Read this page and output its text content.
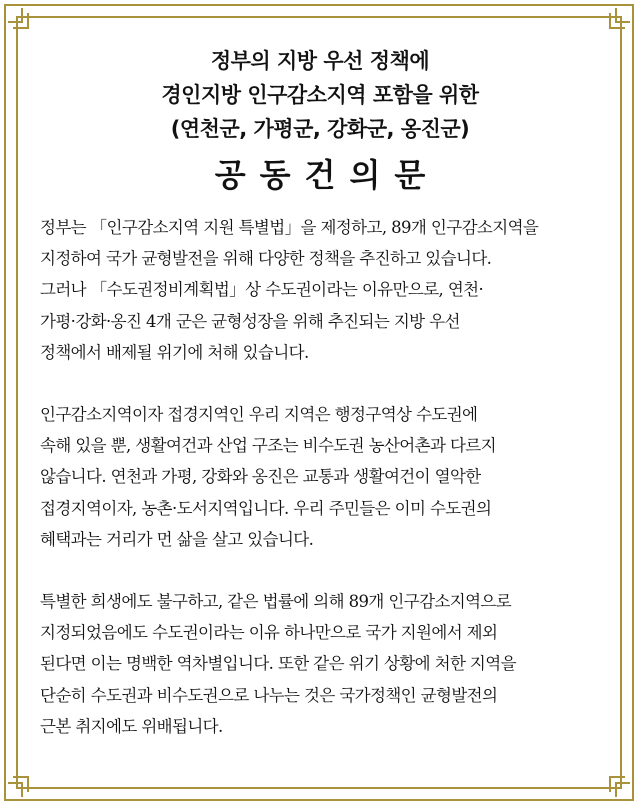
정부의 지방 우선 정책에
경인지방 인구감소지역 포함을 위한
(연천군, 가평군, 강화군, 옹진군)
공동건의문
정부는 「인구감소지역 지원 특별법」을 제정하고, 89개 인구감소지역을
지정하여 국가 균형발전을 위해 다양한 정책을 추진하고 있습니다.
그러나 「수도권정비계획법」상 수도권이라는 이유만으로, 연천·
가평·강화·옹진 4개 군은 균형성장을 위해 추진되는 지방 우선
정책에서 배제될 위기에 처해 있습니다.
인구감소지역이자 접경지역인 우리 지역은 행정구역상 수도권에
속해 있을 뿐, 생활여건과 산업 구조는 비수도권 농산어촌과 다르지
않습니다. 연천과 가평, 강화와 옹진은 교통과 생활여건이 열악한
접경지역이자, 농촌·도서지역입니다. 우리 주민들은 이미 수도권의
혜택과는 거리가 먼 삶을 살고 있습니다.
특별한 희생에도 불구하고, 같은 법률에 의해 89개 인구감소지역으로
지정되었음에도 수도권이라는 이유 하나만으로 국가 지원에서 제외
된다면 이는 명백한 역차별입니다. 또한 같은 위기 상황에 처한 지역을
단순히 수도권과 비수도권으로 나누는 것은 국가정책인 균형발전의
근본 취지에도 위배됩니다.
